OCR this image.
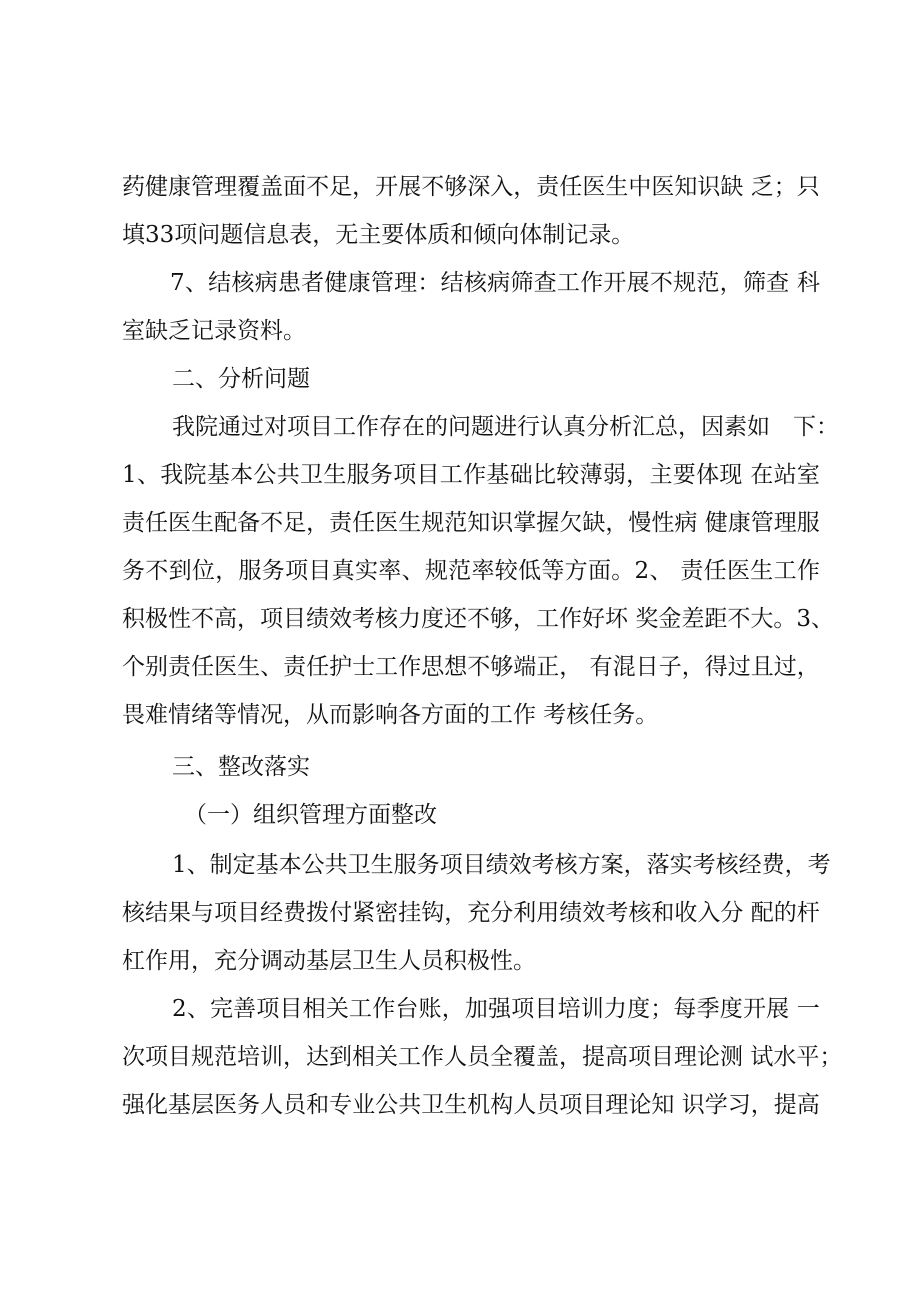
药 健 康 管 理 覆 盖 面 不 足 ， 开 展 不 够 深 入 ， 责 任 医 生 中 医 知 识 缺
乏 ； 只
填33项问题信息表，无主要体质和倾向体制记录。
7 、 结 核 病 患 者 健 康 管 理 ： 结 核 病 筛 查 工 作 开 展 不 规 范 ， 筛 查
科
室缺乏记录资料。
二、分析问题
我 院 通 过 对 项 目 工 作 存 在 的 问 题 进 行 认 真 分 析 汇 总 ， 因 素 如
　 下 ：
1 、 我 院 基 本 公 共 卫 生 服 务 项 目 工 作 基 础 比 较 薄 弱 ， 主 要 体 现
在 站 室
责 任 医 生 配 备 不 足 ， 责 任 医 生 规 范 知 识 掌 握 欠 缺 ， 慢 性 病
健 康 管 理 服
务 不 到 位 ， 服 务 项 目 真 实 率 、 规 范 率 较 低 等 方 面 。 2 、
责 任 医 生 工 作
积 极 性 不 高 ， 项 目 绩 效 考 核 力 度 还 不 够 ， 工 作 好 坏
奖 金 差 距 不 大 。 3 、
个 别 责 任 医 生 、 责 任 护 士 工 作 思 想 不 够 端 正 ，
有 混 日 子 ， 得 过 且 过 ，
畏难情绪等情况，从而影响各方面的工作 考核任务。
三、整改落实
（一）组织管理方面整改
1 、 制 定 基 本 公 共 卫 生 服 务 项 目 绩 效 考 核 方 案 ， 落 实 考 核 经 费 ， 考
核 结 果 与 项 目 经 费 拨 付 紧 密 挂 钩 ， 充 分 利 用 绩 效 考 核 和 收 入 分
配 的 杆
杠作用，充分调动基层卫生人员积极性。
2 、 完 善 项 目 相 关 工 作 台 账 ， 加 强 项 目 培 训 力 度 ； 每 季 度 开 展
一
次 项 目 规 范 培 训 ， 达 到 相 关 工 作 人 员 全 覆 盖 ， 提 高 项 目 理 论 测
试 水 平 ；
强 化 基 层 医 务 人 员 和 专 业 公 共 卫 生 机 构 人 员 项 目 理 论 知
识 学 习 ， 提 高
